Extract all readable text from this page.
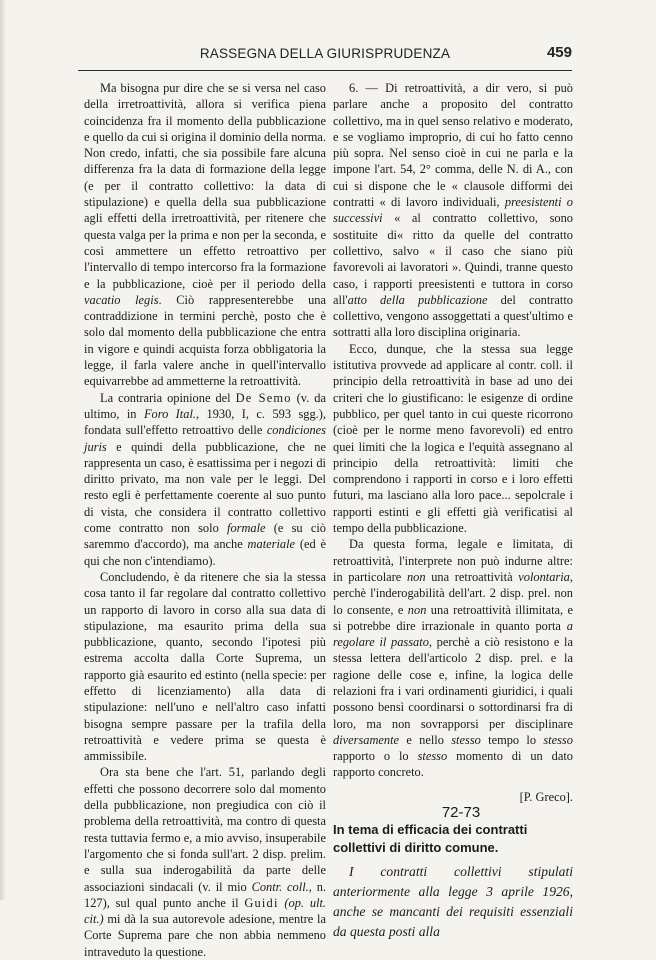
RASSEGNA DELLA GIURISPRUDENZA	459

Ma bisogna pur dire che se si versa nel caso della irretroattività, allora si verifica piena coincidenza fra il momento della pubblicazione e quello da cui si origina il dominio della norma. Non credo, infatti, che sia possibile fare alcuna differenza fra la data di formazione della legge (e per il contratto collettivo: la data di stipulazione) e quella della sua pubblicazione agli effetti della irretroattività, per ritenere che questa valga per la prima e non per la seconda, e così ammettere un effetto retroattivo per l'intervallo di tempo intercorso fra la formazione e la pubblicazione, cioè per il periodo della vacatio legis. Ciò rappresenterebbe una contraddizione in termini perchè, posto che è solo dal momento della pubblicazione che entra in vigore e quindi acquista forza obbligatoria la legge, il farla valere anche in quell'intervallo equivarrebbe ad ammetterne la retroattività.

La contraria opinione del De Semo (v. da ultimo, in Foro Ital., 1930, I, c. 593 sgg.), fondata sull'effetto retroattivo delle condiciones juris e quindi della pubblicazione, che ne rappresenta un caso, è esattissima per i negozi di diritto privato, ma non vale per le leggi. Del resto egli è perfettamente coerente al suo punto di vista, che considera il contratto collettivo come contratto non solo formale (e su ciò saremmo d'accordo), ma anche materiale (ed è qui che non c'intendiamo).

Concludendo, è da ritenere che sia la stessa cosa tanto il far regolare dal contratto collettivo un rapporto di lavoro in corso alla sua data di stipulazione, ma esaurito prima della sua pubblicazione, quanto, secondo l'ipotesi più estrema accolta dalla Corte Suprema, un rapporto già esaurito ed estinto (nella specie: per effetto di licenziamento) alla data di stipulazione: nell'uno e nell'altro caso infatti bisogna sempre passare per la trafila della retroattività e vedere prima se questa è ammissibile.

Ora sta bene che l'art. 51, parlando degli effetti che possono decorrere solo dal momento della pubblicazione, non pregiudica con ciò il problema della retroattività, ma contro di questa resta tuttavia fermo e, a mio avviso, insuperabile l'argomento che si fonda sull'art. 2 disp. prelim. e sulla sua inderogabilità da parte delle associazioni sindacali (v. il mio Contr. coll., n. 127), sul qual punto anche il Guidi (op. ult. cit.) mi dà la sua autorevole adesione, mentre la Corte Suprema pare che non abbia nemmeno intraveduto la questione.

6. — Di retroattività, a dir vero, si può parlare anche a proposito del contratto collettivo, ma in quel senso relativo e moderato, e se vogliamo improprio, di cui ho fatto cenno più sopra. Nel senso cioè in cui ne parla e la impone l'art. 54, 2° comma, delle N. di A., con cui si dispone che le « clausole difformi dei contratti « di lavoro individuali, preesistenti o successivi « al contratto collettivo, sono sostituite di« ritto da quelle del contratto collettivo, salvo « il caso che siano più favorevoli ai lavoratori ». Quindi, tranne questo caso, i rapporti preesistenti e tuttora in corso all'atto della pubblicazione del contratto collettivo, vengono assoggettati a quest'ultimo e sottratti alla loro disciplina originaria.

Ecco, dunque, che la stessa sua legge istitutiva provvede ad applicare al contr. coll. il principio della retroattività in base ad uno dei criteri che lo giustificano: le esigenze di ordine pubblico, per quel tanto in cui queste ricorrono (cioè per le norme meno favorevoli) ed entro quei limiti che la logica e l'equità assegnano al principio della retroattività: limiti che comprendono i rapporti in corso e i loro effetti futuri, ma lasciano alla loro pace... sepolcrale i rapporti estinti e gli effetti già verificatisi al tempo della pubblicazione.

Da questa forma, legale e limitata, di retroattività, l'interprete non può indurne altre: in particolare non una retroattività volontaria, perchè l'inderogabilità dell'art. 2 disp. prel. non lo consente, e non una retroattività illimitata, e si potrebbe dire irrazionale in quanto porta a regolare il passato, perchè a ciò resistono e la stessa lettera dell'articolo 2 disp. prel. e la ragione delle cose e, infine, la logica delle relazioni fra i vari ordinamenti giuridici, i quali possono bensì coordinarsi o sottordinarsi fra di loro, ma non sovrapporsi per disciplinare diversamente e nello stesso tempo lo stesso rapporto o lo stesso momento di un dato rapporto concreto.

[P. Greco].

72-73

In tema di efficacia dei contratti collettivi di diritto comune.

I contratti collettivi stipulati anteriormente alla legge 3 aprile 1926, anche se mancanti dei requisiti essenziali da questa posti alla
